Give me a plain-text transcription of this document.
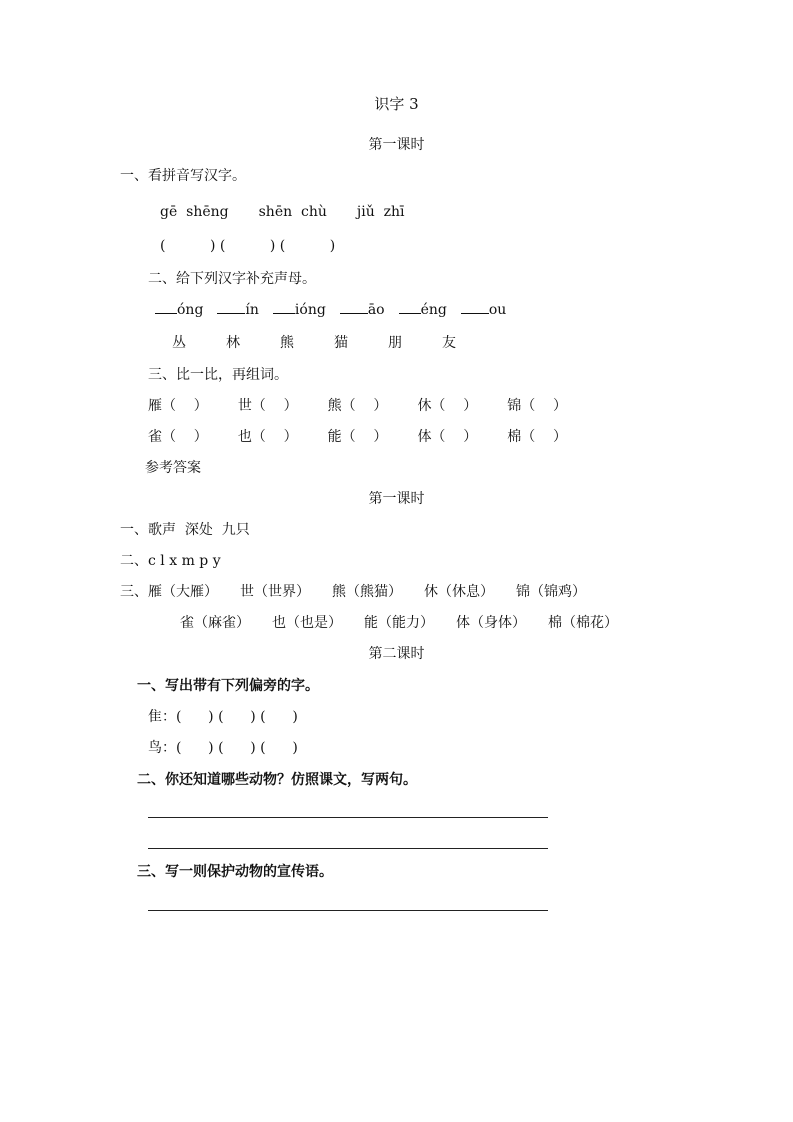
识字 3
第一课时
一、看拼音写汉字。
gē  shēng shēn  chù jiǔ  zhī
(          ) (          ) (          )
二、给下列汉字补充声母。
óng	ín	ióng	āo	éng	ou
丛	林	熊	猫	朋	友
三、比一比，再组词。
雁（    ） 世（    ） 熊（    ） 休（    ） 锦（    ）
雀（    ） 也（    ） 能（    ） 体（    ） 棉（    ）
参考答案
第一课时
一、歌声  深处  九只
二、c l x m p y
三、 雁（大雁） 世（世界） 熊（熊猫） 休（休息） 锦（锦鸡）
雀（麻雀） 也（也是） 能（能力） 体（身体） 棉（棉花）
第二课时
一、写出带有下列偏旁的字。
隹：(      ) (      ) (      )
鸟：(      ) (      ) (      )
二、你还知道哪些动物？仿照课文，写两句。
三、写一则保护动物的宣传语。
